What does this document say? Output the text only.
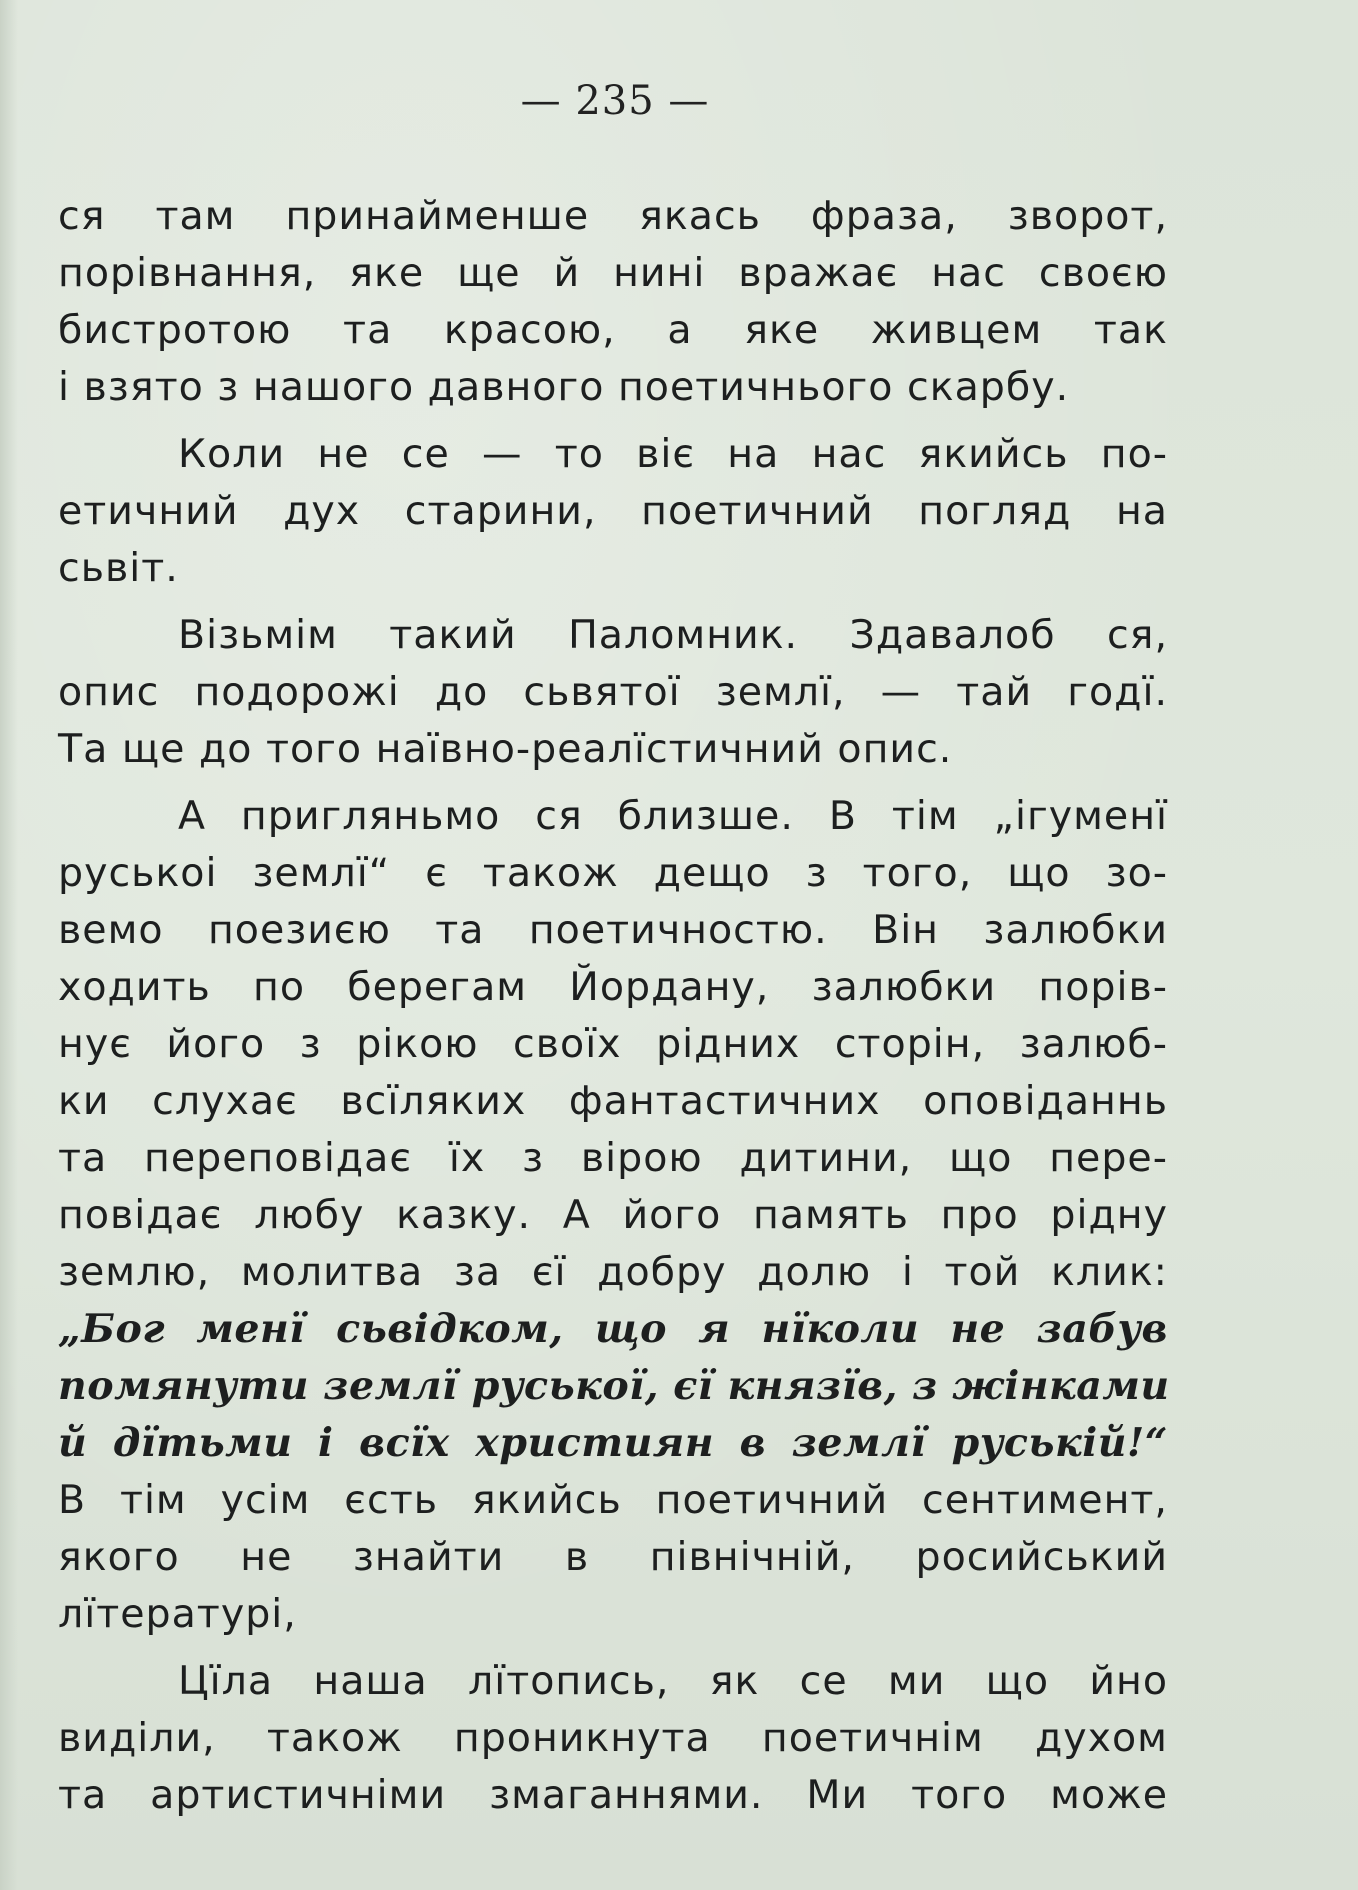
— 235 —
ся там принайменше якась фраза, зворот,
порівнання, яке ще й нині вражає нас своєю
бистротою та красою, а яке живцем так
і взято з нашого давного поетичнього скарбу.
Коли не се — то віє на нас якийсь по-
етичний дух старини, поетичний погляд на
сьвіт.
Візьмім такий Паломник. Здавалоб ся,
опис подорожі до сьвятої землї, — тай годї.
Та ще до того наївно-реалїстичний опис.
А пригляньмо ся близше. В тім „ігуменї
руськоі землї“ є також дещо з того, що зо-
вемо поезиєю та поетичностю. Він залюбки
ходить по берегам Йордану, залюбки порів-
нує його з рікою своїх рідних сторін, залюб-
ки слухає всїляких фантастичних оповіданнь
та переповідає їх з вірою дитини, що пере-
повідає любу казку. А його память про рідну
землю, молитва за єї добру долю і той клик:
„Бог менї сьвідком, що я нїколи не забув
помянути землї руської, єї князїв, з жінками
й дїтьми і всїх християн в землї руській!“
В тім усім єсть якийсь поетичний сентимент,
якого не знайти в північній, росийський
лїтературі,
Цїла наша лїтопись, як се ми що йно
виділи, також проникнута поетичнім духом
та артистичніми змаганнями. Ми того може
